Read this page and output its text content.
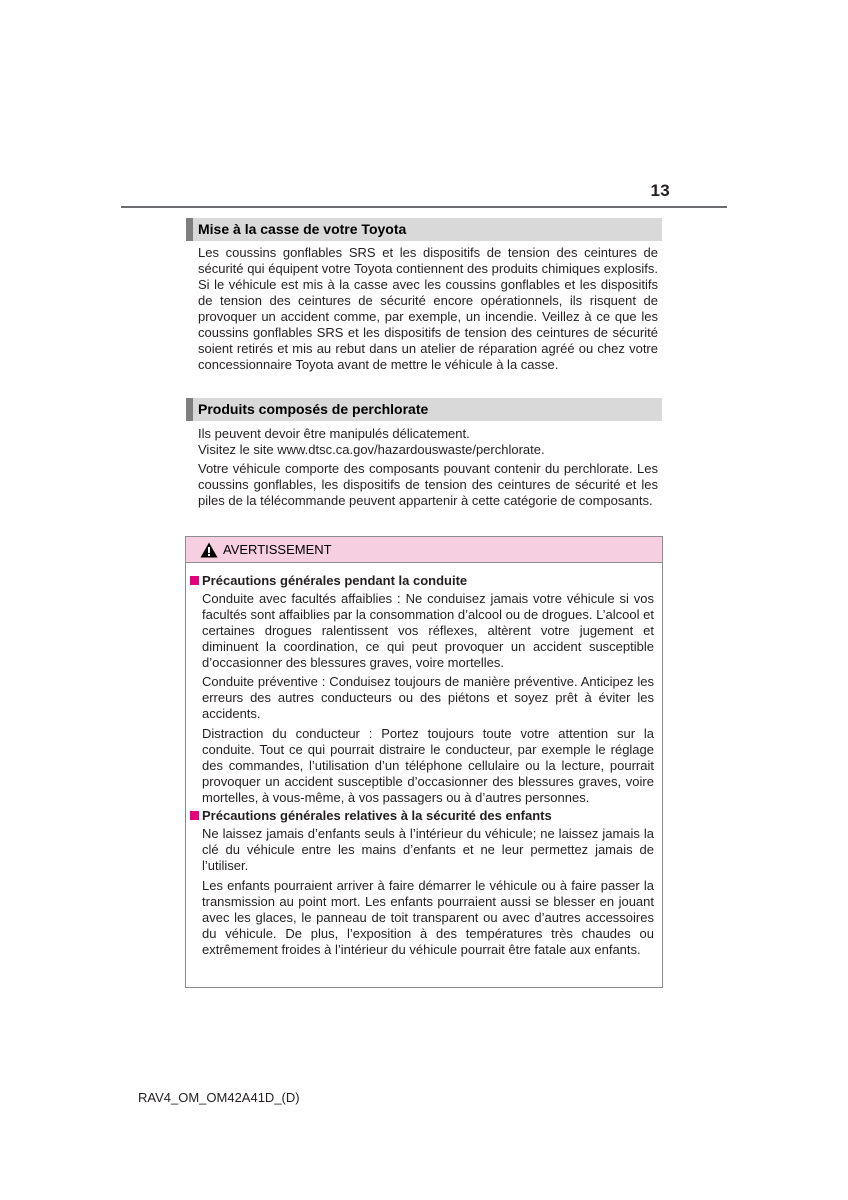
13
Mise à la casse de votre Toyota

Les coussins gonflables SRS et les dispositifs de tension des ceintures de sécurité qui équipent votre Toyota contiennent des produits chimiques explosifs. Si le véhicule est mis à la casse avec les coussins gonflables et les dispositifs de tension des ceintures de sécurité encore opérationnels, ils risquent de provoquer un accident comme, par exemple, un incendie. Veillez à ce que les coussins gonflables SRS et les dispositifs de tension des ceintures de sécurité soient retirés et mis au rebut dans un atelier de réparation agréé ou chez votre concessionnaire Toyota avant de mettre le véhicule à la casse.

Produits composés de perchlorate

Ils peuvent devoir être manipulés délicatement.

Visitez le site www.dtsc.ca.gov/hazardouswaste/perchlorate.

Votre véhicule comporte des composants pouvant contenir du perchlorate. Les coussins gonflables, les dispositifs de tension des ceintures de sécurité et les piles de la télécommande peuvent appartenir à cette catégorie de composants.

AVERTISSEMENT

Précautions générales pendant la conduite

Conduite avec facultés affaiblies : Ne conduisez jamais votre véhicule si vos facultés sont affaiblies par la consommation d’alcool ou de drogues. L’alcool et certaines drogues ralentissent vos réflexes, altèrent votre jugement et diminuent la coordination, ce qui peut provoquer un accident susceptible d’occasionner des blessures graves, voire mortelles.

Conduite préventive : Conduisez toujours de manière préventive. Anticipez les erreurs des autres conducteurs ou des piétons et soyez prêt à éviter les accidents.

Distraction du conducteur : Portez toujours toute votre attention sur la conduite. Tout ce qui pourrait distraire le conducteur, par exemple le réglage des commandes, l’utilisation d’un téléphone cellulaire ou la lecture, pourrait provoquer un accident susceptible d’occasionner des blessures graves, voire mortelles, à vous-même, à vos passagers ou à d’autres personnes.

Précautions générales relatives à la sécurité des enfants

Ne laissez jamais d’enfants seuls à l’intérieur du véhicule; ne laissez jamais la clé du véhicule entre les mains d’enfants et ne leur permettez jamais de l’utiliser.

Les enfants pourraient arriver à faire démarrer le véhicule ou à faire passer la transmission au point mort. Les enfants pourraient aussi se blesser en jouant avec les glaces, le panneau de toit transparent ou avec d’autres accessoires du véhicule. De plus, l’exposition à des températures très chaudes ou extrêmement froides à l’intérieur du véhicule pourrait être fatale aux enfants.

RAV4_OM_OM42A41D_(D)
